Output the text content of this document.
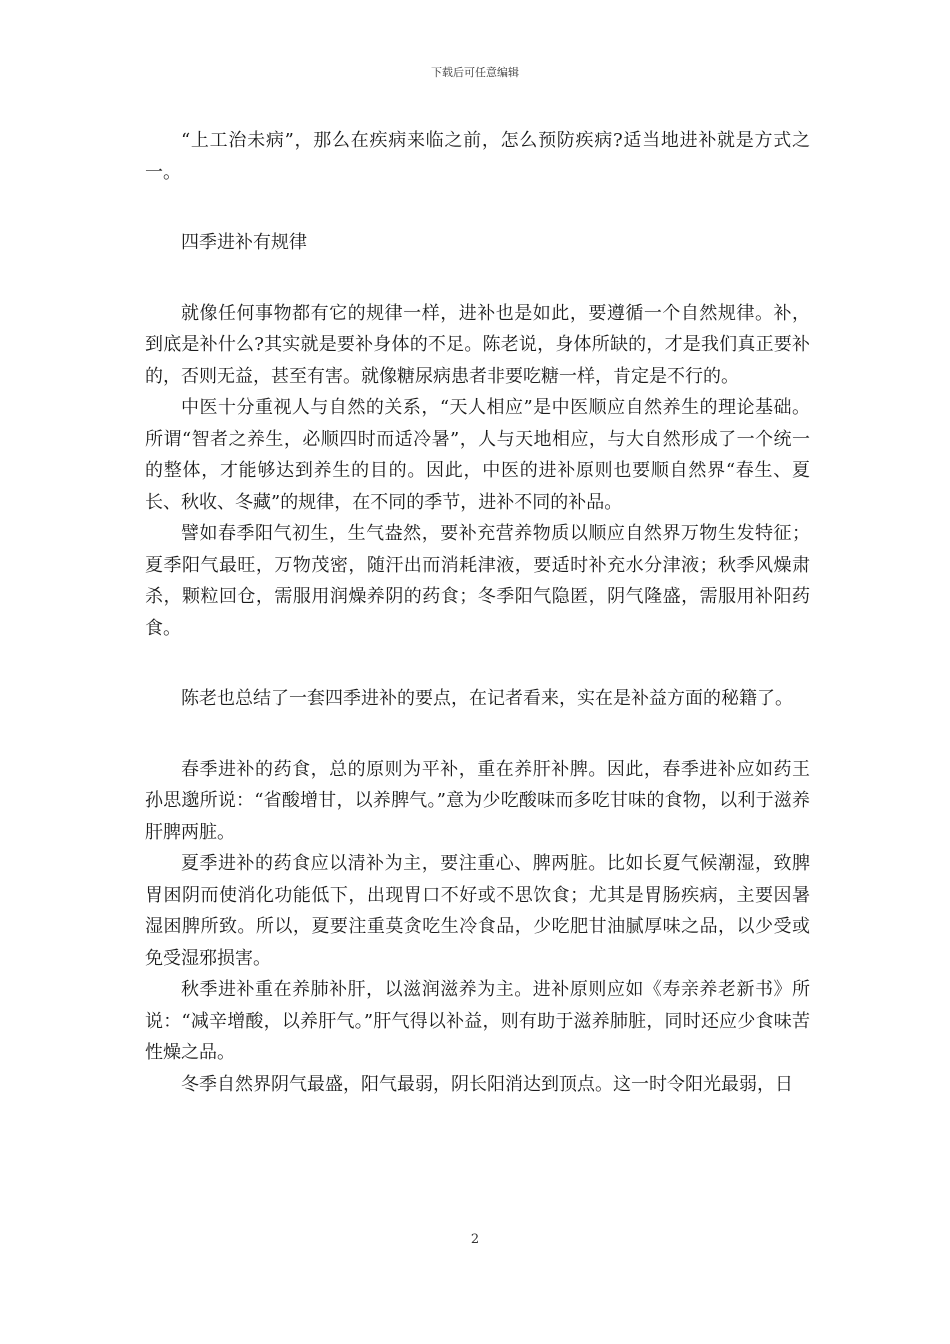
下载后可任意编辑

“上工治未病”，那么在疾病来临之前，怎么预防疾病?适当地进补就是方式之一。

四季进补有规律

就像任何事物都有它的规律一样，进补也是如此，要遵循一个自然规律。补，到底是补什么?其实就是要补身体的不足。陈老说，身体所缺的，才是我们真正要补的，否则无益，甚至有害。就像糖尿病患者非要吃糖一样，肯定是不行的。

中医十分重视人与自然的关系，“天人相应”是中医顺应自然养生的理论基础。所谓“智者之养生，必顺四时而适冷暑”，人与天地相应，与大自然形成了一个统一的整体，才能够达到养生的目的。因此，中医的进补原则也要顺自然界“春生、夏长、秋收、冬藏”的规律，在不同的季节，进补不同的补品。

譬如春季阳气初生，生气盎然，要补充营养物质以顺应自然界万物生发特征；夏季阳气最旺，万物茂密，随汗出而消耗津液，要适时补充水分津液；秋季风燥肃杀，颗粒回仓，需服用润燥养阴的药食；冬季阳气隐匿，阴气隆盛，需服用补阳药食。

陈老也总结了一套四季进补的要点，在记者看来，实在是补益方面的秘籍了。

春季进补的药食，总的原则为平补，重在养肝补脾。因此，春季进补应如药王孙思邈所说：“省酸增甘，以养脾气。”意为少吃酸味而多吃甘味的食物，以利于滋养肝脾两脏。

夏季进补的药食应以清补为主，要注重心、脾两脏。比如长夏气候潮湿，致脾胃困阴而使消化功能低下，出现胃口不好或不思饮食；尤其是胃肠疾病，主要因暑湿困脾所致。所以，夏要注重莫贪吃生冷食品，少吃肥甘油腻厚味之品，以少受或免受湿邪损害。

秋季进补重在养肺补肝，以滋润滋养为主。进补原则应如《寿亲养老新书》所说：“减辛增酸，以养肝气。”肝气得以补益，则有助于滋养肺脏，同时还应少食味苦性燥之品。

冬季自然界阴气最盛，阳气最弱，阴长阳消达到顶点。这一时令阳光最弱，日

2
